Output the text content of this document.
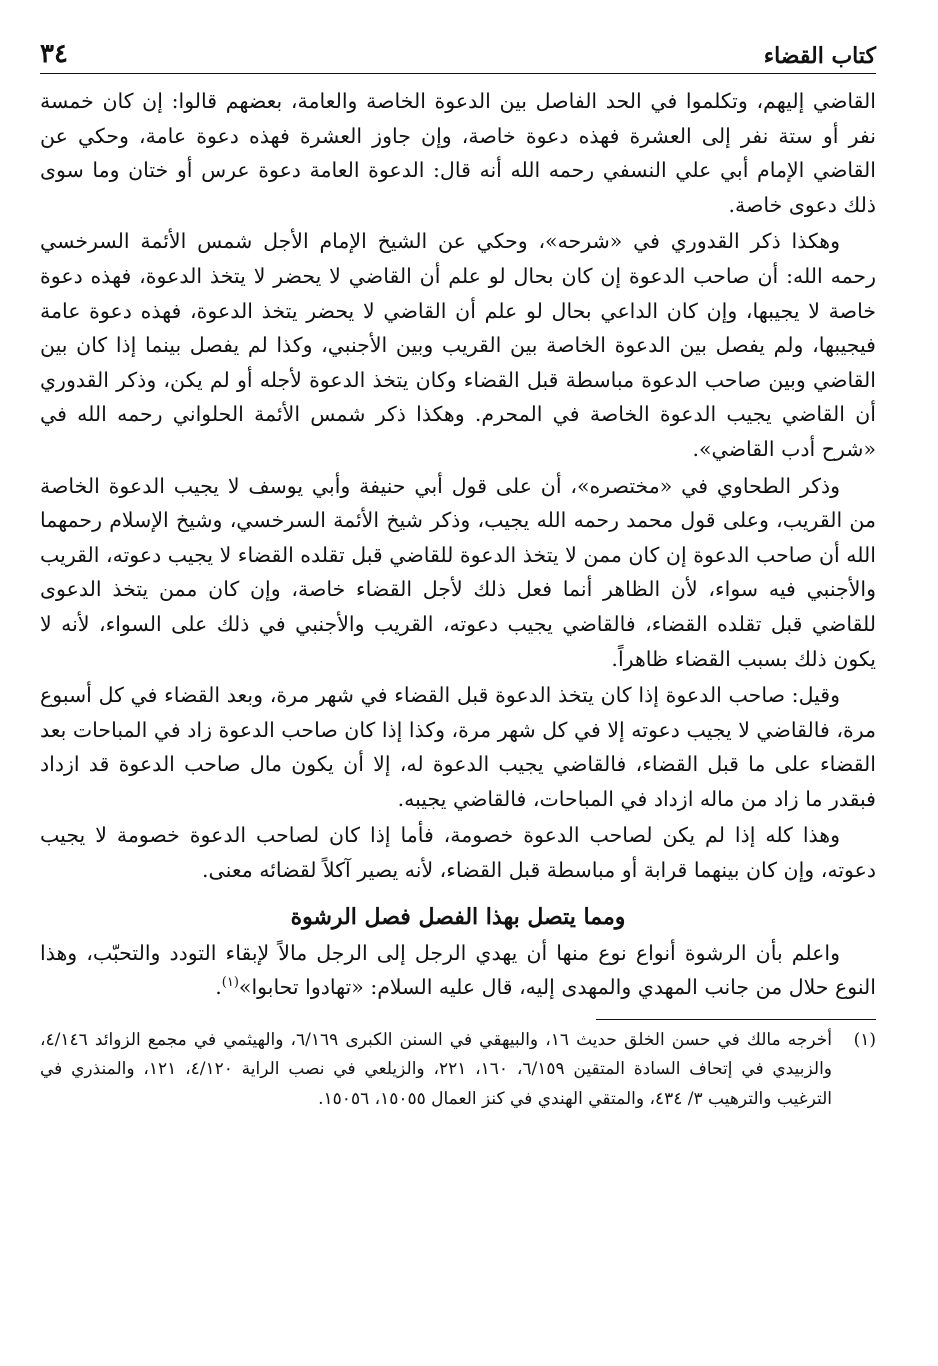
كتاب القضاء
٣٤

القاضي إليهم، وتكلموا في الحد الفاصل بين الدعوة الخاصة والعامة، بعضهم قالوا: إن كان خمسة نفر أو ستة نفر إلى العشرة فهذه دعوة خاصة، وإن جاوز العشرة فهذه دعوة عامة، وحكي عن القاضي الإمام أبي علي النسفي رحمه الله أنه قال: الدعوة العامة دعوة عرس أو ختان وما سوى ذلك دعوى خاصة.

وهكذا ذكر القدوري في «شرحه»، وحكي عن الشيخ الإمام الأجل شمس الأئمة السرخسي رحمه الله: أن صاحب الدعوة إن كان بحال لو علم أن القاضي لا يحضر لا يتخذ الدعوة، فهذه دعوة خاصة لا يجيبها، وإن كان الداعي بحال لو علم أن القاضي لا يحضر يتخذ الدعوة، فهذه دعوة عامة فيجيبها، ولم يفصل بين الدعوة الخاصة بين القريب وبين الأجنبي، وكذا لم يفصل بينما إذا كان بين القاضي وبين صاحب الدعوة مباسطة قبل القضاء وكان يتخذ الدعوة لأجله أو لم يكن، وذكر القدوري أن القاضي يجيب الدعوة الخاصة في المحرم. وهكذا ذكر شمس الأئمة الحلواني رحمه الله في «شرح أدب القاضي».

وذكر الطحاوي في «مختصره»، أن على قول أبي حنيفة وأبي يوسف لا يجيب الدعوة الخاصة من القريب، وعلى قول محمد رحمه الله يجيب، وذكر شيخ الأئمة السرخسي، وشيخ الإسلام رحمهما الله أن صاحب الدعوة إن كان ممن لا يتخذ الدعوة للقاضي قبل تقلده القضاء لا يجيب دعوته، القريب والأجنبي فيه سواء، لأن الظاهر أنما فعل ذلك لأجل القضاء خاصة، وإن كان ممن يتخذ الدعوى للقاضي قبل تقلده القضاء، فالقاضي يجيب دعوته، القريب والأجنبي في ذلك على السواء، لأنه لا يكون ذلك بسبب القضاء ظاهراً.

وقيل: صاحب الدعوة إذا كان يتخذ الدعوة قبل القضاء في شهر مرة، وبعد القضاء في كل أسبوع مرة، فالقاضي لا يجيب دعوته إلا في كل شهر مرة، وكذا إذا كان صاحب الدعوة زاد في المباحات بعد القضاء على ما قبل القضاء، فالقاضي يجيب الدعوة له، إلا أن يكون مال صاحب الدعوة قد ازداد فبقدر ما زاد من ماله ازداد في المباحات، فالقاضي يجيبه.

وهذا كله إذا لم يكن لصاحب الدعوة خصومة، فأما إذا كان لصاحب الدعوة خصومة لا يجيب دعوته، وإن كان بينهما قرابة أو مباسطة قبل القضاء، لأنه يصير آكلاً لقضائه معنى.

ومما يتصل بهذا الفصل فصل الرشوة

واعلم بأن الرشوة أنواع نوع منها أن يهدي الرجل إلى الرجل مالاً لإبقاء التودد والتحبّب، وهذا النوع حلال من جانب المهدي والمهدى إليه، قال عليه السلام: «تهادوا تحابوا»$^{(١)}$.

(١)
أخرجه مالك في حسن الخلق حديث ١٦، والبيهقي في السنن الكبرى ٦/١٦٩، والهيثمي في مجمع الزوائد ٤/١٤٦، والزبيدي في إتحاف السادة المتقين ٦/١٥٩، ١٦٠، ٢٢١، والزيلعي في نصب الراية ٤/١٢٠، ١٢١، والمنذري في الترغيب والترهيب ٣/ ٤٣٤، والمتقي الهندي في كنز العمال ١٥٠٥٥، ١٥٠٥٦.
